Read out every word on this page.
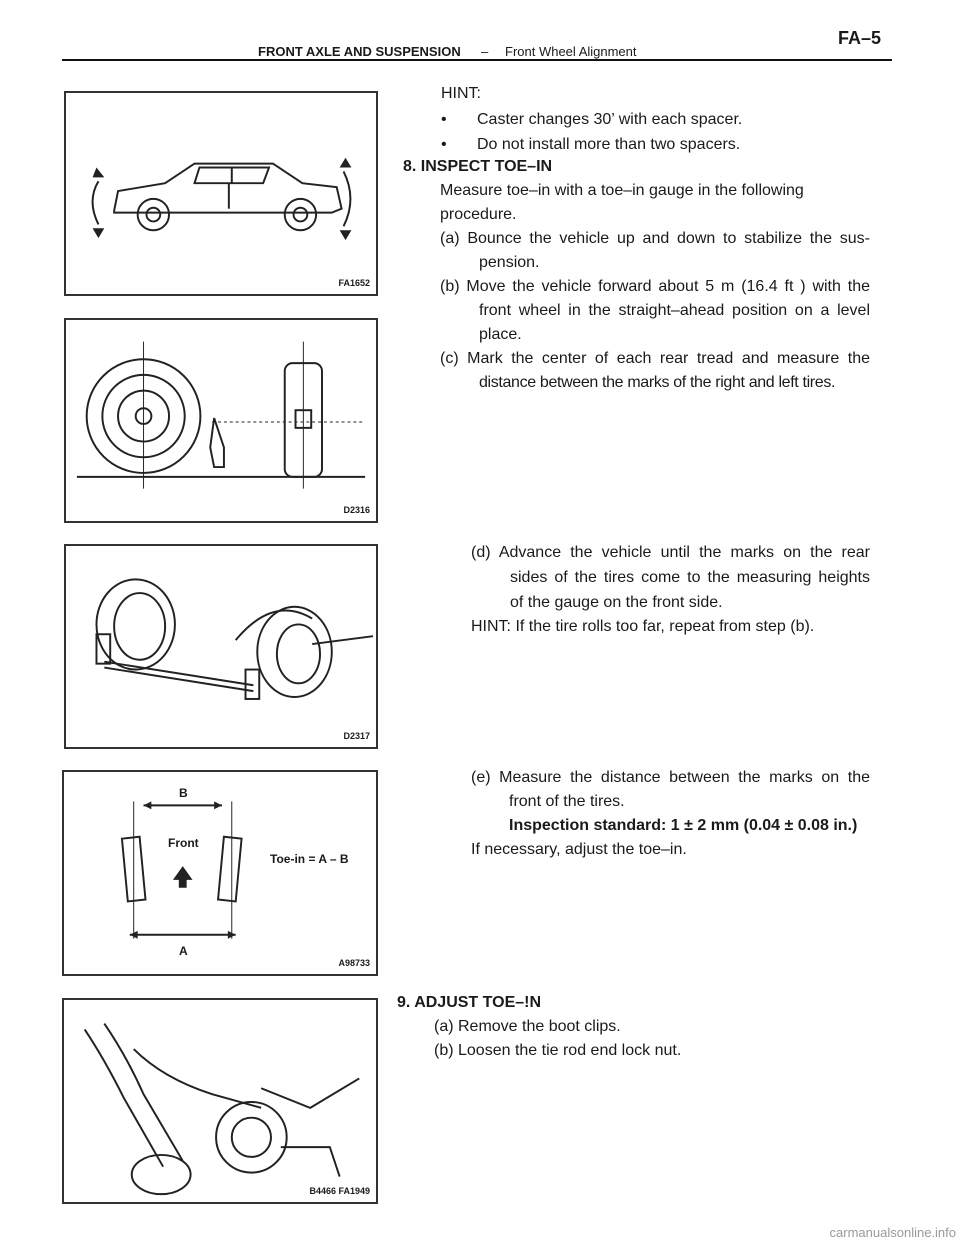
FRONT AXLE AND SUSPENSION – Front Wheel Alignment
FA–5
FA1652
D2316
D2317
B
A
Front
Toe-in = A – B
A98733
B4466 FA1949
HINT:
• Caster changes 30’ with each spacer.
• Do not install more than two spacers.
8. INSPECT TOE–IN
Measure toe–in with a toe–in gauge in the following
procedure.
(a) Bounce the vehicle up and down to stabilize the sus-
pension.
(b) Move the vehicle forward about 5 m (16.4 ft ) with the
front wheel in the straight–ahead position on a level
place.
(c) Mark the center of each rear tread and measure the
distance between the marks of the right and left tires.
(d) Advance the vehicle until the marks on the rear
sides of the tires come to the measuring heights
of the gauge on the front side.
HINT: If the tire rolls too far, repeat from step (b).
(e) Measure the distance between the marks on the
front of the tires.
Inspection standard: 1 ± 2 mm (0.04 ± 0.08 in.)
If necessary, adjust the toe–in.
9. ADJUST TOE–!N
(a) Remove the boot clips.
(b) Loosen the tie rod end lock nut.
carmanualsonline.info
